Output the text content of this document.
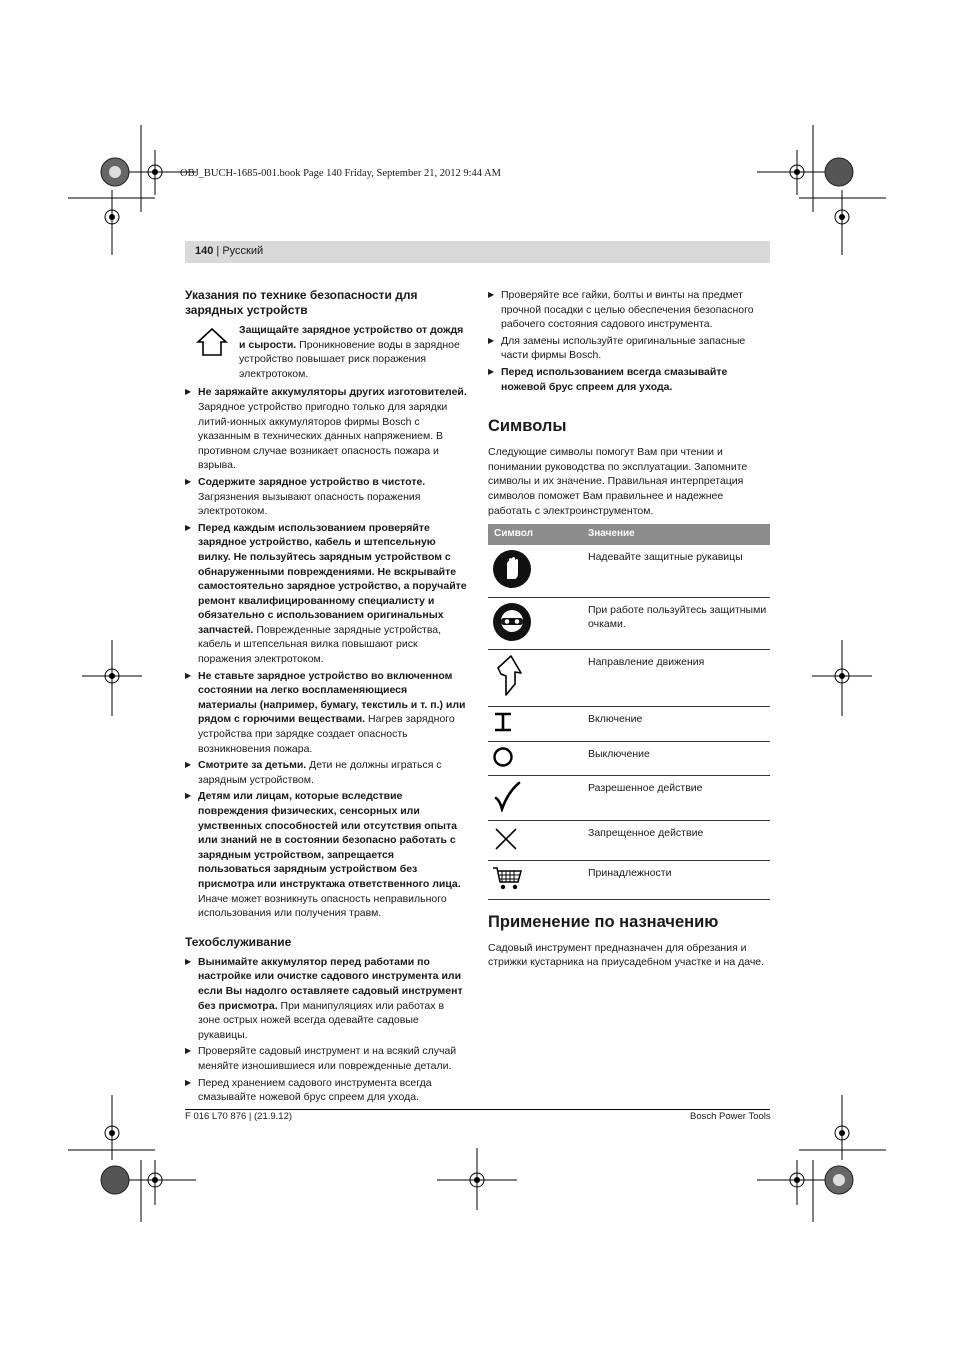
OBJ_BUCH-1685-001.book Page 140 Friday, September 21, 2012 9:44 AM
140 | Русский
Указания по технике безопасности для зарядных устройств
Защищайте зарядное устройство от дождя и сырости. Проникновение воды в зарядное устройство повышает риск поражения электротоком.

▶ Не заряжайте аккумуляторы других изготовителей. Зарядное устройство пригодно только для зарядки литий-ионных аккумуляторов фирмы Bosch с указанным в технических данных напряжением. В противном случае возникает опасность пожара и взрыва.

▶ Содержите зарядное устройство в чистоте. Загрязнения вызывают опасность поражения электротоком.

▶ Перед каждым использованием проверяйте зарядное устройство, кабель и штепсельную вилку. Не пользуйтесь зарядным устройством с обнаруженными повреждениями. Не вскрывайте самостоятельно зарядное устройство, а поручайте ремонт квалифицированному специалисту и обязательно с использованием оригинальных запчастей. Поврежденные зарядные устройства, кабель и штепсельная вилка повышают риск поражения электротоком.

▶ Не ставьте зарядное устройство во включенном состоянии на легко воспламеняющиеся материалы (например, бумагу, текстиль и т. п.) или рядом с горючими веществами. Нагрев зарядного устройства при зарядке создает опасность возникновения пожара.

▶ Смотрите за детьми. Дети не должны играться с зарядным устройством.

▶ Детям или лицам, которые вследствие повреждения физических, сенсорных или умственных способностей или отсутствия опыта или знаний не в состоянии безопасно работать с зарядным устройством, запрещается пользоваться зарядным устройством без присмотра или инструктажа ответственного лица. Иначе может возникнуть опасность неправильного использования или получения травм.

Техобслуживание

▶ Вынимайте аккумулятор перед работами по настройке или очистке садового инструмента или если Вы надолго оставляете садовый инструмент без присмотра. При манипуляциях или работах в зоне острых ножей всегда одевайте садовые рукавицы.

▶ Проверяйте садовый инструмент и на всякий случай меняйте изношившиеся или поврежденные детали.

▶ Перед хранением садового инструмента всегда смазывайте ножевой брус спреем для ухода.

▶ Проверяйте все гайки, болты и винты на предмет прочной посадки с целью обеспечения безопасного рабочего состояния садового инструмента.

▶ Для замены используйте оригинальные запасные части фирмы Bosch.

▶ Перед использованием всегда смазывайте ножевой брус спреем для ухода.

Символы

Следующие символы помогут Вам при чтении и понимании руководства по эксплуатации. Запомните символы и их значение. Правильная интерпретация символов поможет Вам правильнее и надежнее работать с электроинструментом.

Символ	Значение
	Надевайте защитные рукавицы
	При работе пользуйтесь защитными очками.
	Направление движения
	Включение
	Выключение
	Разрешенное действие
	Запрещенное действие
	Принадлежности
Применение по назначению

Садовый инструмент предназначен для обрезания и стрижки кустарника на приусадебном участке и на даче.

F 016 L70 876 | (21.9.12)	Bosch Power Tools
